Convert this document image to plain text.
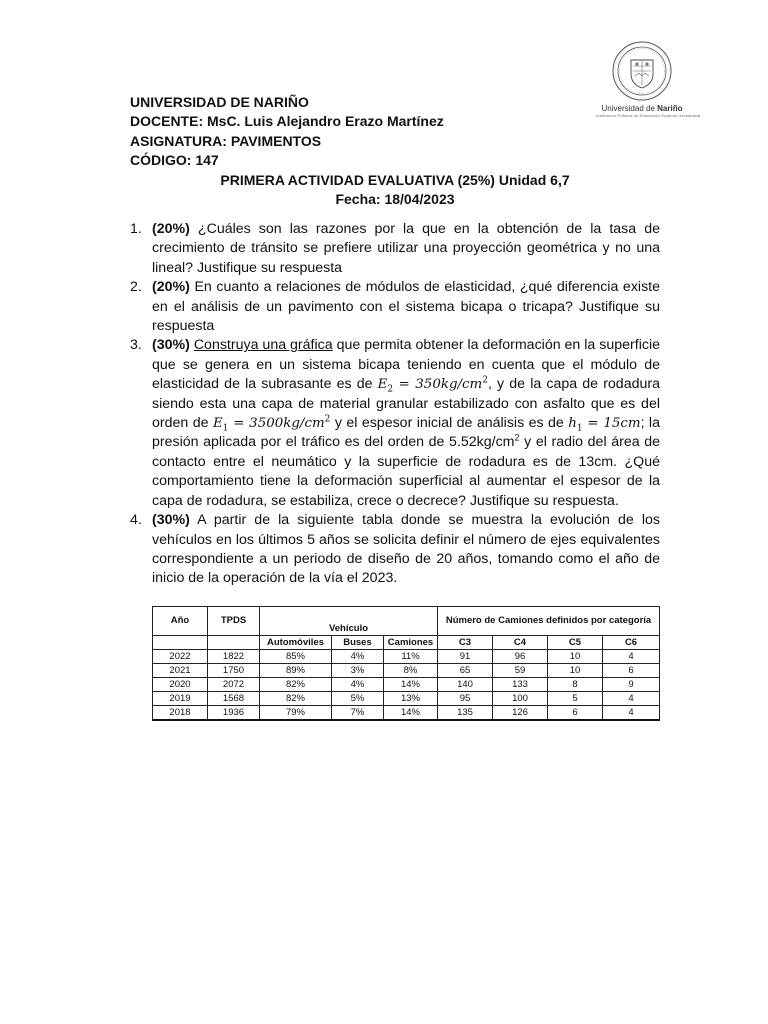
Universidad de Nariño
Institución Pública de Educación Superior Acreditada
UNIVERSIDAD DE NARIÑO
DOCENTE: MsC. Luis Alejandro Erazo Martínez
ASIGNATURA: PAVIMENTOS
CÓDIGO: 147
PRIMERA ACTIVIDAD EVALUATIVA (25%) Unidad 6,7
Fecha: 18/04/2023
1. (20%) ¿Cuáles son las razones por la que en la obtención de la tasa de crecimiento de tránsito se prefiere utilizar una proyección geométrica y no una lineal? Justifique su respuesta
2. (20%) En cuanto a relaciones de módulos de elasticidad, ¿qué diferencia existe en el análisis de un pavimento con el sistema bicapa o tricapa? Justifique su respuesta
3. (30%) Construya una gráfica que permita obtener la deformación en la superficie que se genera en un sistema bicapa teniendo en cuenta que el módulo de elasticidad de la subrasante es de $E_2 = 350kg/cm^2$, y de la capa de rodadura siendo esta una capa de material granular estabilizado con asfalto que es del orden de $E_1 = 3500kg/cm^2$ y el espesor inicial de análisis es de $h_1 = 15cm$; la presión aplicada por el tráfico es del orden de $5.52kg/cm^2$ y el radio del área de contacto entre el neumático y la superficie de rodadura es de 13cm. ¿Qué comportamiento tiene la deformación superficial al aumentar el espesor de la capa de rodadura, se estabiliza, crece o decrece? Justifique su respuesta.
4. (30%) A partir de la siguiente tabla donde se muestra la evolución de los vehículos en los últimos 5 años se solicita definir el número de ejes equivalentes correspondiente a un periodo de diseño de 20 años, tomando como el año de inicio de la operación de la vía el 2023.
Año	TPDS	Vehículo			Número de Camiones definidos por categoría			

		Automóviles	Buses	Camiones	C3	C4	C5	C6
2022	1822	85%	4%	11%	91	96	10	4
2021	1750	89%	3%	8%	65	59	10	6
2020	2072	82%	4%	14%	140	133	8	9
2019	1568	82%	5%	13%	95	100	5	4
2018	1936	79%	7%	14%	135	126	6	4
